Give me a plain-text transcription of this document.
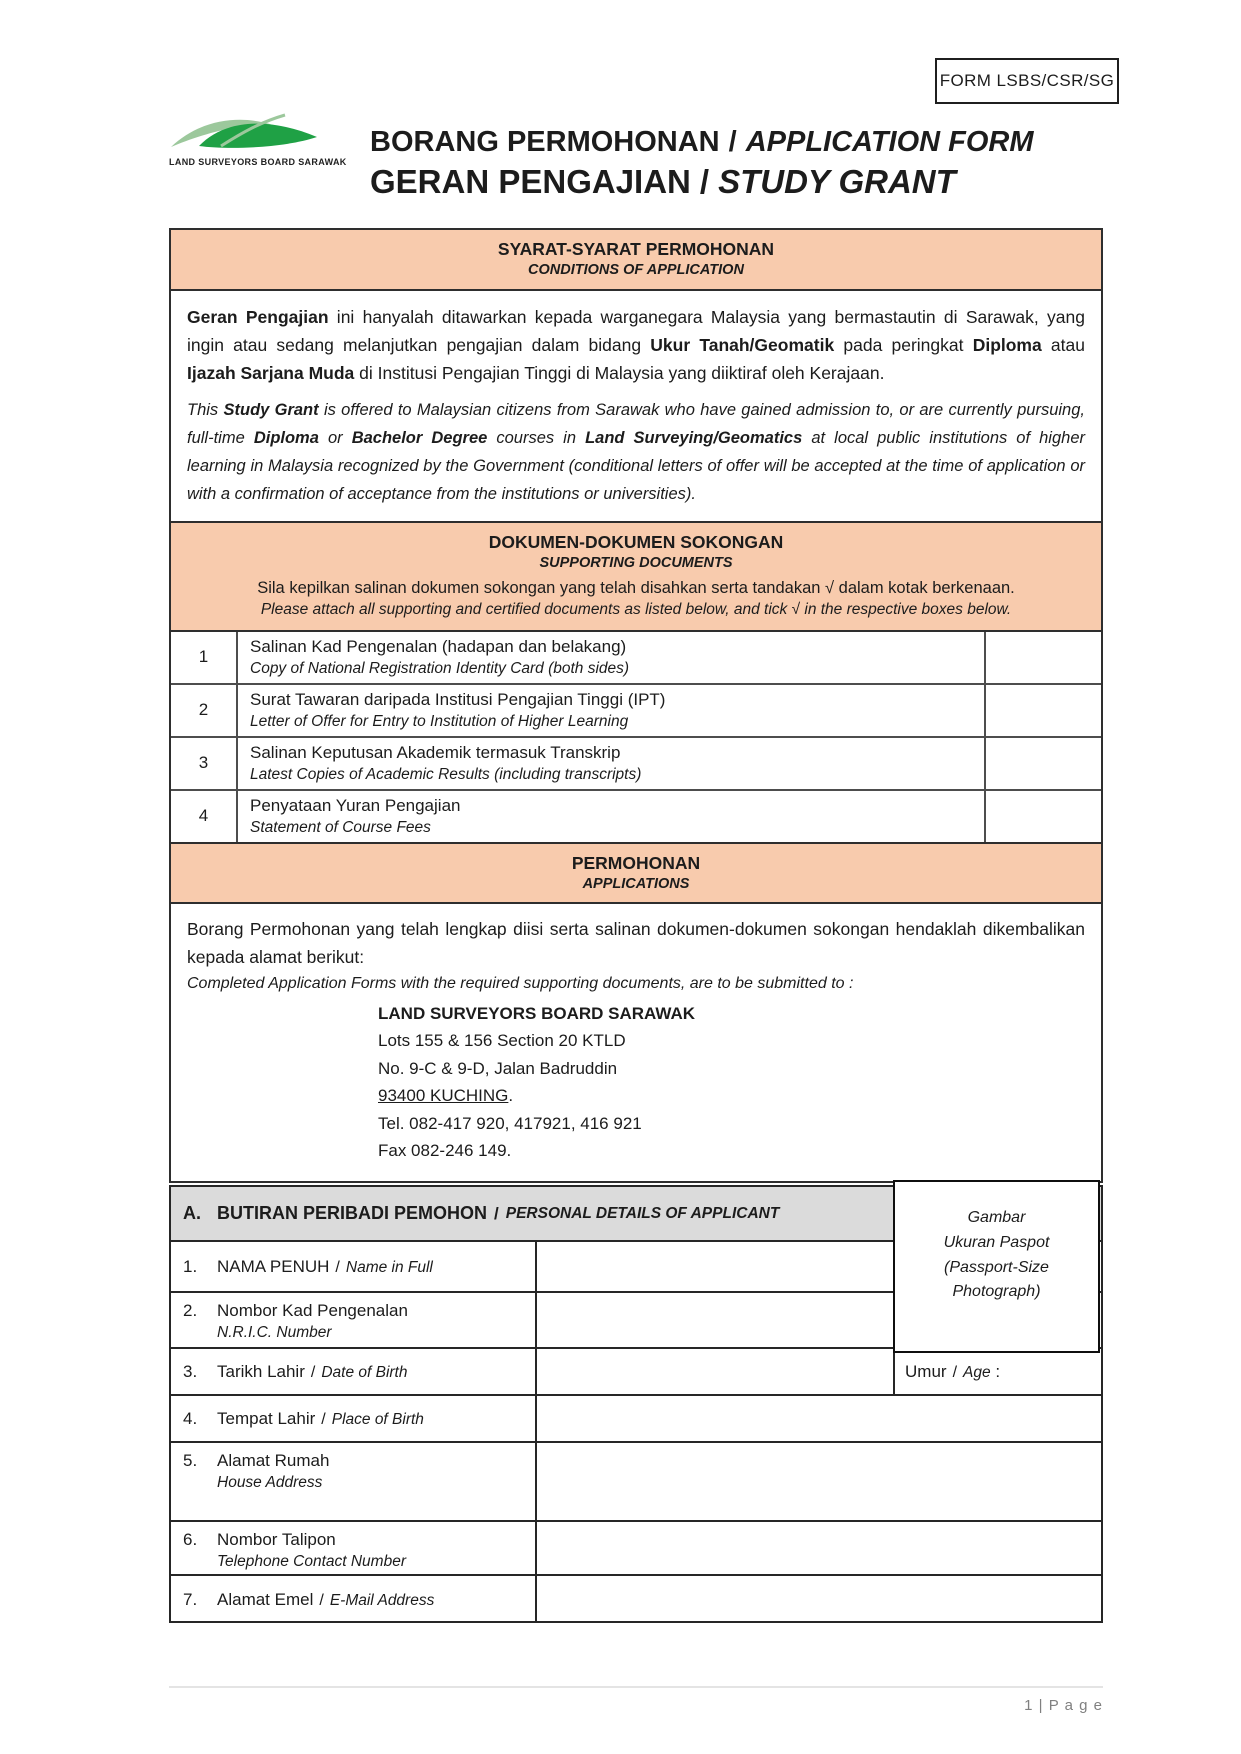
FORM LSBS/CSR/SG
LAND SURVEYORS BOARD SARAWAK
BORANG PERMOHONAN / APPLICATION FORM
GERAN PENGAJIAN / STUDY GRANT
SYARAT-SYARAT PERMOHONAN
CONDITIONS OF APPLICATION
Geran Pengajian ini hanyalah ditawarkan kepada warganegara Malaysia yang bermastautin di Sarawak, yang ingin atau sedang melanjutkan pengajian dalam bidang Ukur Tanah/Geomatik pada peringkat Diploma atau Ijazah Sarjana Muda di Institusi Pengajian Tinggi di Malaysia yang diiktiraf oleh Kerajaan.
This Study Grant is offered to Malaysian citizens from Sarawak who have gained admission to, or are currently pursuing, full-time Diploma or Bachelor Degree courses in Land Surveying/Geomatics at local public institutions of higher learning in Malaysia recognized by the Government (conditional letters of offer will be accepted at the time of application or with a confirmation of acceptance from the institutions or universities).
DOKUMEN-DOKUMEN SOKONGAN
SUPPORTING DOCUMENTS
Sila kepilkan salinan dokumen sokongan yang telah disahkan serta tandakan √ dalam kotak berkenaan.
Please attach all supporting and certified documents as listed below, and tick √ in the respective boxes below.
1
Salinan Kad Pengenalan (hadapan dan belakang)
Copy of National Registration Identity Card (both sides)
2
Surat Tawaran daripada Institusi Pengajian Tinggi (IPT)
Letter of Offer for Entry to Institution of Higher Learning
3
Salinan Keputusan Akademik termasuk Transkrip
Latest Copies of Academic Results (including transcripts)
4
Penyataan Yuran Pengajian
Statement of Course Fees
PERMOHONAN
APPLICATIONS
Borang Permohonan yang telah lengkap diisi serta salinan dokumen-dokumen sokongan hendaklah dikembalikan kepada alamat berikut:
Completed Application Forms with the required supporting documents, are to be submitted to :
LAND SURVEYORS BOARD SARAWAK
Lots 155 & 156 Section 20 KTLD
No. 9-C & 9-D, Jalan Badruddin
93400 KUCHING.
Tel. 082-417 920, 417921, 416 921
Fax 082-246 149.
A. BUTIRAN PERIBADI PEMOHON / PERSONAL DETAILS OF APPLICANT
1.	NAMA PENUH / Name in Full
2.	Nombor Kad Pengenalan
N.R.I.C. Number
3.	Tarikh Lahir / Date of Birth	Umur / Age :
4.	Tempat Lahir / Place of Birth
5.	Alamat Rumah
House Address
6.	Nombor Talipon
Telephone Contact Number
7.	Alamat Emel / E-Mail Address
Gambar
Ukuran Paspot
(Passport-Size
Photograph)
1 | P a g e
